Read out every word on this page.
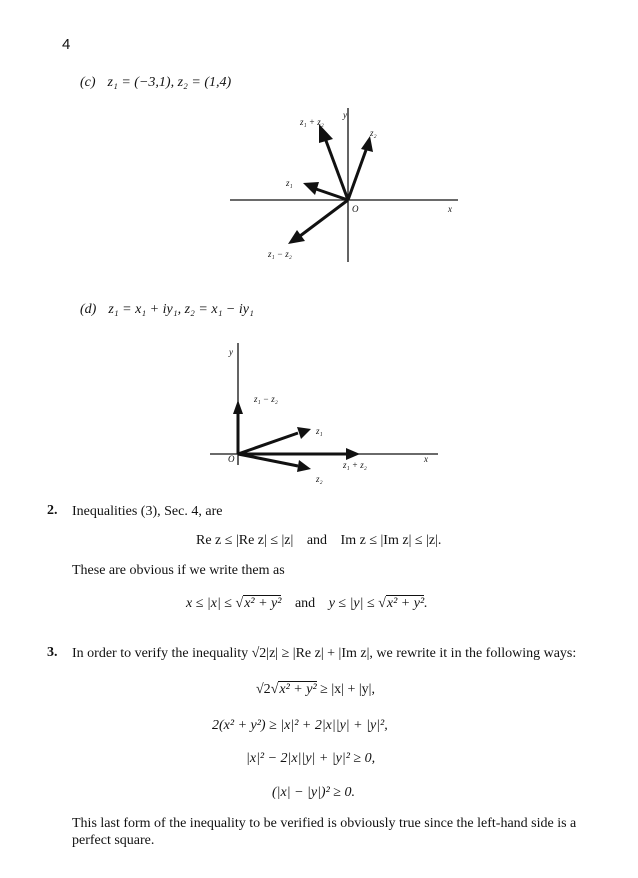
4
(c) z₁ = (−3,1), z₂ = (1,4)
z₁ + z₂
y
z₂
z₁
O	x
z₁ − z₂
y
z₁ − z₂
z₁
O
z₁ + z₂
x
z₂
(d) z₁ = x₁ + iy₁, z₂ = x₁ − iy₁
2. Inequalities (3), Sec. 4, are
Re z ≤ |Re z| ≤ |z| and Im z ≤ |Im z| ≤ |z|.
These are obvious if we write them as
x ≤ |x| ≤ √x² + y² and y ≤ |y| ≤ √x² + y².
3. In order to verify the inequality √2|z| ≥ |Re z| + |Im z|, we rewrite it in the following ways:
√2√x² + y² ≥ |x| + |y|,
2(x² + y²) ≥ |x|² + 2|x||y| + |y|²,
|x|² − 2|x||y| + |y|² ≥ 0,
(|x| − |y|)² ≥ 0.
This last form of the inequality to be verified is obviously true since the left-hand side is a perfect square.
